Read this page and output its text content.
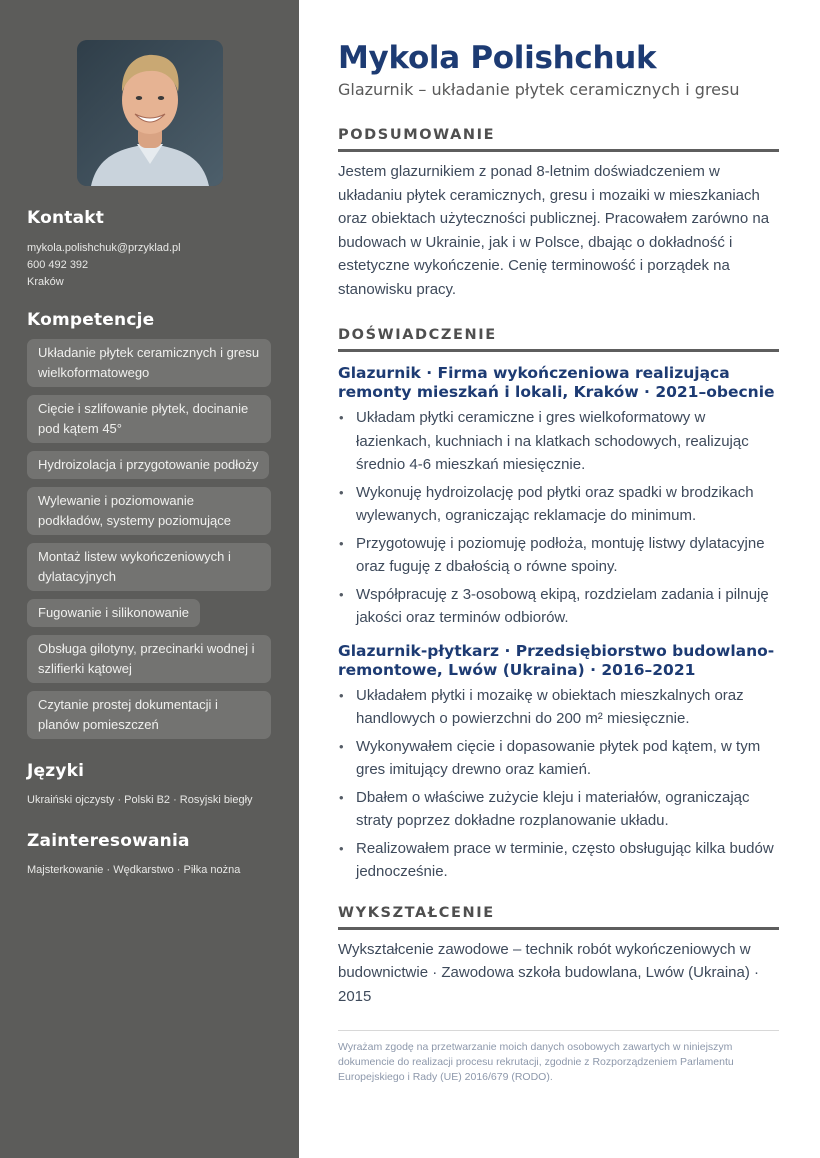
Kontakt
mykola.polishchuk@przyklad.pl
600 492 392
Kraków
Kompetencje
Układanie płytek ceramicznych i gresu wielkoformatowego
Cięcie i szlifowanie płytek, docinanie pod kątem 45°
Hydroizolacja i przygotowanie podłoży
Wylewanie i poziomowanie podkładów, systemy poziomujące
Montaż listew wykończeniowych i dylatacyjnych
Fugowanie i silikonowanie
Obsługa gilotyny, przecinarki wodnej i szlifierki kątowej
Czytanie prostej dokumentacji i planów pomieszczeń
Języki

Ukraiński ojczysty · Polski B2 · Rosyjski biegły

Zainteresowania

Majsterkowanie · Wędkarstwo · Piłka nożna

Mykola Polishchuk
Glazurnik – układanie płytek ceramicznych i gresu
PODSUMOWANIE

Jestem glazurnikiem z ponad 8-letnim doświadczeniem w układaniu płytek ceramicznych, gresu i mozaiki w mieszkaniach oraz obiektach użyteczności publicznej. Pracowałem zarówno na budowach w Ukrainie, jak i w Polsce, dbając o dokładność i estetyczne wykończenie. Cenię terminowość i porządek na stanowisku pracy.

DOŚWIADCZENIE
Glazurnik · Firma wykończeniowa realizująca remonty mieszkań i lokali, Kraków · 2021–obecnie
• Układam płytki ceramiczne i gres wielkoformatowy w łazienkach, kuchniach i na klatkach schodowych, realizując średnio 4-6 mieszkań miesięcznie.
• Wykonuję hydroizolację pod płytki oraz spadki w brodzikach wylewanych, ograniczając reklamacje do minimum.
• Przygotowuję i poziomuję podłoża, montuję listwy dylatacyjne oraz fuguję z dbałością o równe spoiny.
• Współpracuję z 3-osobową ekipą, rozdzielam zadania i pilnuję jakości oraz terminów odbiorów.
Glazurnik-płytkarz · Przedsiębiorstwo budowlano-remontowe, Lwów (Ukraina) · 2016–2021
• Układałem płytki i mozaikę w obiektach mieszkalnych oraz handlowych o powierzchni do 200 m² miesięcznie.
• Wykonywałem cięcie i dopasowanie płytek pod kątem, w tym gres imitujący drewno oraz kamień.
• Dbałem o właściwe zużycie kleju i materiałów, ograniczając straty poprzez dokładne rozplanowanie układu.
• Realizowałem prace w terminie, często obsługując kilka budów jednocześnie.
WYKSZTAŁCENIE

Wykształcenie zawodowe – technik robót wykończeniowych w budownictwie · Zawodowa szkoła budowlana, Lwów (Ukraina) · 2015

Wyrażam zgodę na przetwarzanie moich danych osobowych zawartych w niniejszym dokumencie do realizacji procesu rekrutacji, zgodnie z Rozporządzeniem Parlamentu Europejskiego i Rady (UE) 2016/679 (RODO).
